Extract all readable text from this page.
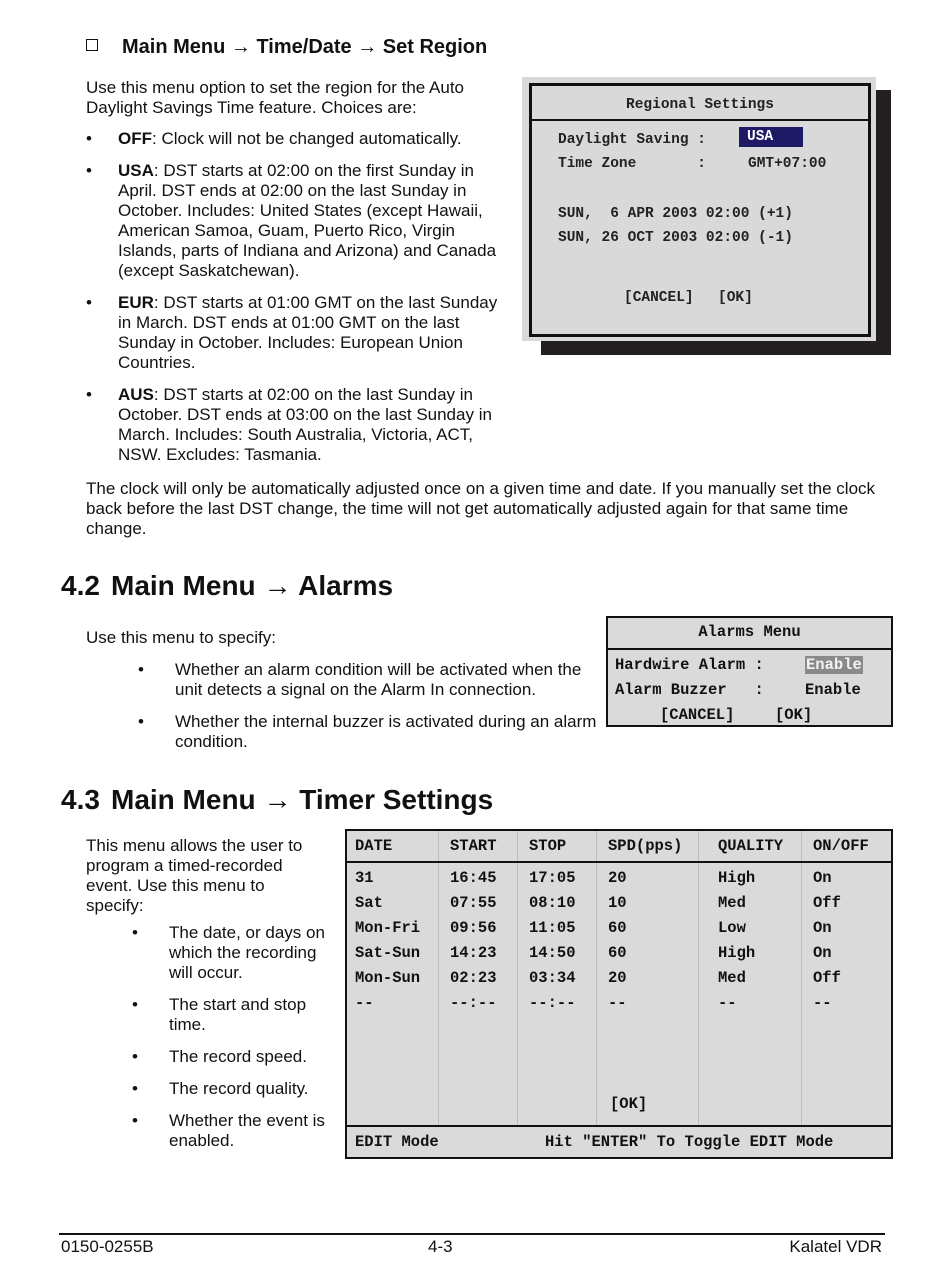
Main Menu → Time/Date → Set Region
Use this menu option to set the region for the Auto Daylight Savings Time feature. Choices are:
• OFF: Clock will not be changed automatically.
• USA: DST starts at 02:00 on the first Sunday in April. DST ends at 02:00 on the last Sunday in October. Includes: United States (except Hawaii, American Samoa, Guam, Puerto Rico, Virgin Islands, parts of Indiana and Arizona) and Canada (except Saskatchewan).
• EUR: DST starts at 01:00 GMT on the last Sunday in March. DST ends at 01:00 GMT on the last Sunday in October. Includes: European Union Countries.
• AUS: DST starts at 02:00 on the last Sunday in October. DST ends at 03:00 on the last Sunday in March. Includes: South Australia, Victoria, ACT, NSW. Excludes: Tasmania.
The clock will only be automatically adjusted once on a given time and date. If you manually set the clock back before the last DST change, the time will not get automatically adjusted again for that same time change.
Regional Settings
Daylight Saving :	USA
Time Zone       :	GMT+07:00
SUN,  6 APR 2003 02:00 (+1)
SUN, 26 OCT 2003 02:00 (-1)
[CANCEL] [OK]
4.2 Main Menu → Alarms
Use this menu to specify:
• Whether an alarm condition will be activated when the unit detects a signal on the Alarm In connection.
• Whether the internal buzzer is activated during an alarm condition.
Alarms Menu
Hardwire Alarm :	Enable
Alarm Buzzer   :	Enable
[CANCEL]	[OK]
4.3 Main Menu → Timer Settings
This menu allows the user to program a timed-recorded event. Use this menu to specify:
• The date, or days on which the recording will occur.
• The start and stop time.
• The record speed.
• The record quality.
• Whether the event is enabled.
DATE	START STOP	SPD(pps) QUALITY ON/OFF
31	16:45 17:05 20	High	On
Sat	07:55 08:10 10	Med	Off
Mon-Fri 09:56 11:05 60	Low	On
Sat-Sun 14:23 14:50 60	High	On
Mon-Sun 02:23 03:34 20	Med	Off
--	--:-- --:-- --	--	--
[OK]
EDIT Mode	Hit "ENTER" To Toggle EDIT Mode
0150-0255B	4-3	Kalatel VDR
